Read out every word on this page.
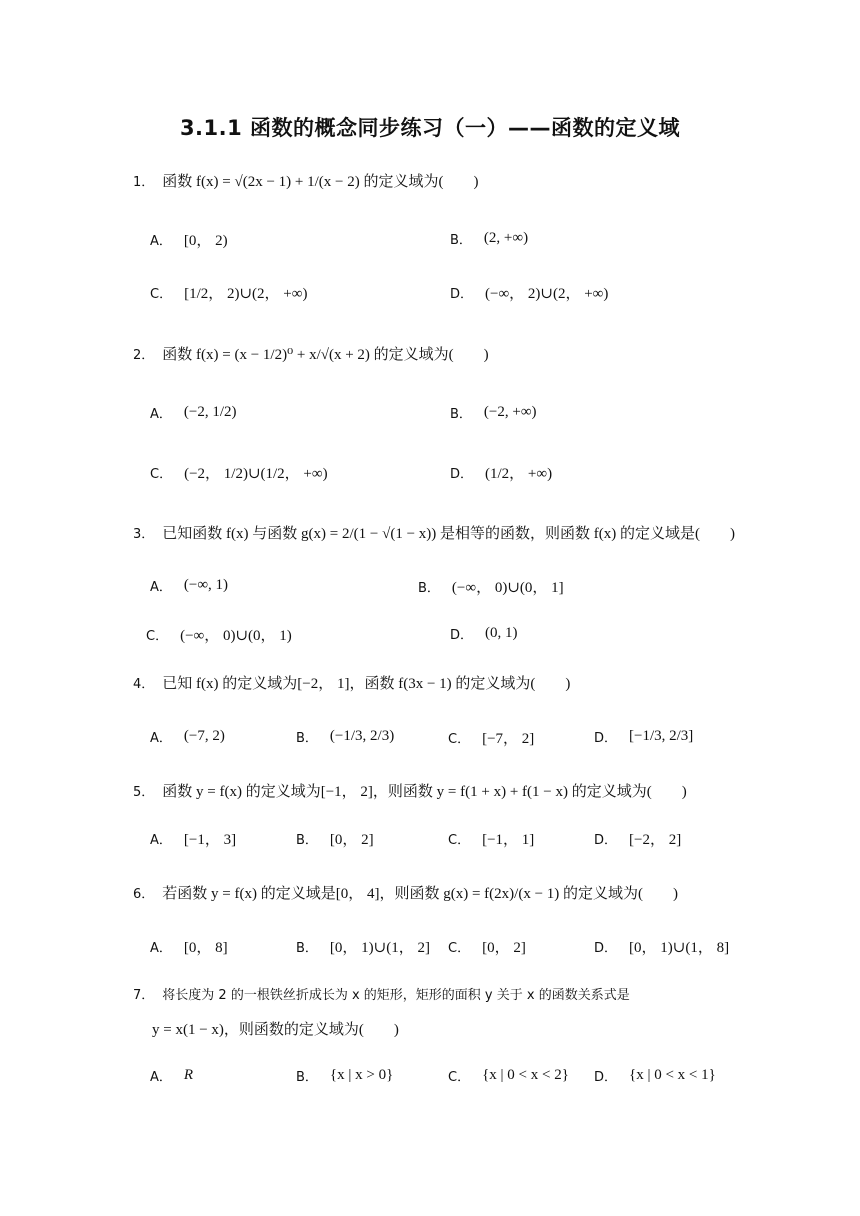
3.1.1 函数的概念同步练习（一）——函数的定义域
1． 函数 f(x) = √(2x − 1) + 1/(x − 2) 的定义域为(　　)
A． [0， 2)	B． (2, +∞)
C． [1/2， 2)∪(2， +∞)	D． (−∞， 2)∪(2， +∞)
2． 函数 f(x) = (x − 1/2)⁰ + x/√(x + 2) 的定义域为(　　)
A． (−2, 1/2)	B． (−2, +∞)
C． (−2， 1/2)∪(1/2， +∞)	D． (1/2， +∞)
3． 已知函数 f(x) 与函数 g(x) = 2/(1 − √(1 − x)) 是相等的函数，则函数 f(x) 的定义域是(　　)
A． (−∞, 1)	B． (−∞， 0)∪(0， 1]
C． (−∞， 0)∪(0， 1)	D． (0, 1)
4． 已知 f(x) 的定义域为[−2， 1]，函数 f(3x − 1) 的定义域为(　　)
A． (−7, 2)	B． (−1/3, 2/3)	C． [−7， 2]	D． [−1/3, 2/3]
5． 函数 y = f(x) 的定义域为[−1， 2]，则函数 y = f(1 + x) + f(1 − x) 的定义域为(　　)
A． [−1， 3]	B． [0， 2]	C． [−1， 1]	D． [−2， 2]
6． 若函数 y = f(x) 的定义域是[0， 4]，则函数 g(x) = f(2x)/(x − 1) 的定义域为(　　)
A． [0， 8]	B． [0， 1)∪(1， 2] C． [0， 2]	D． [0， 1)∪(1， 8]
7． 将长度为 2 的一根铁丝折成长为 x 的矩形，矩形的面积 y 关于 x 的函数关系式是
y = x(1 − x)，则函数的定义域为(　　)
A． R	B． {x | x > 0}	C． {x | 0 < x < 2} D． {x | 0 < x < 1}
